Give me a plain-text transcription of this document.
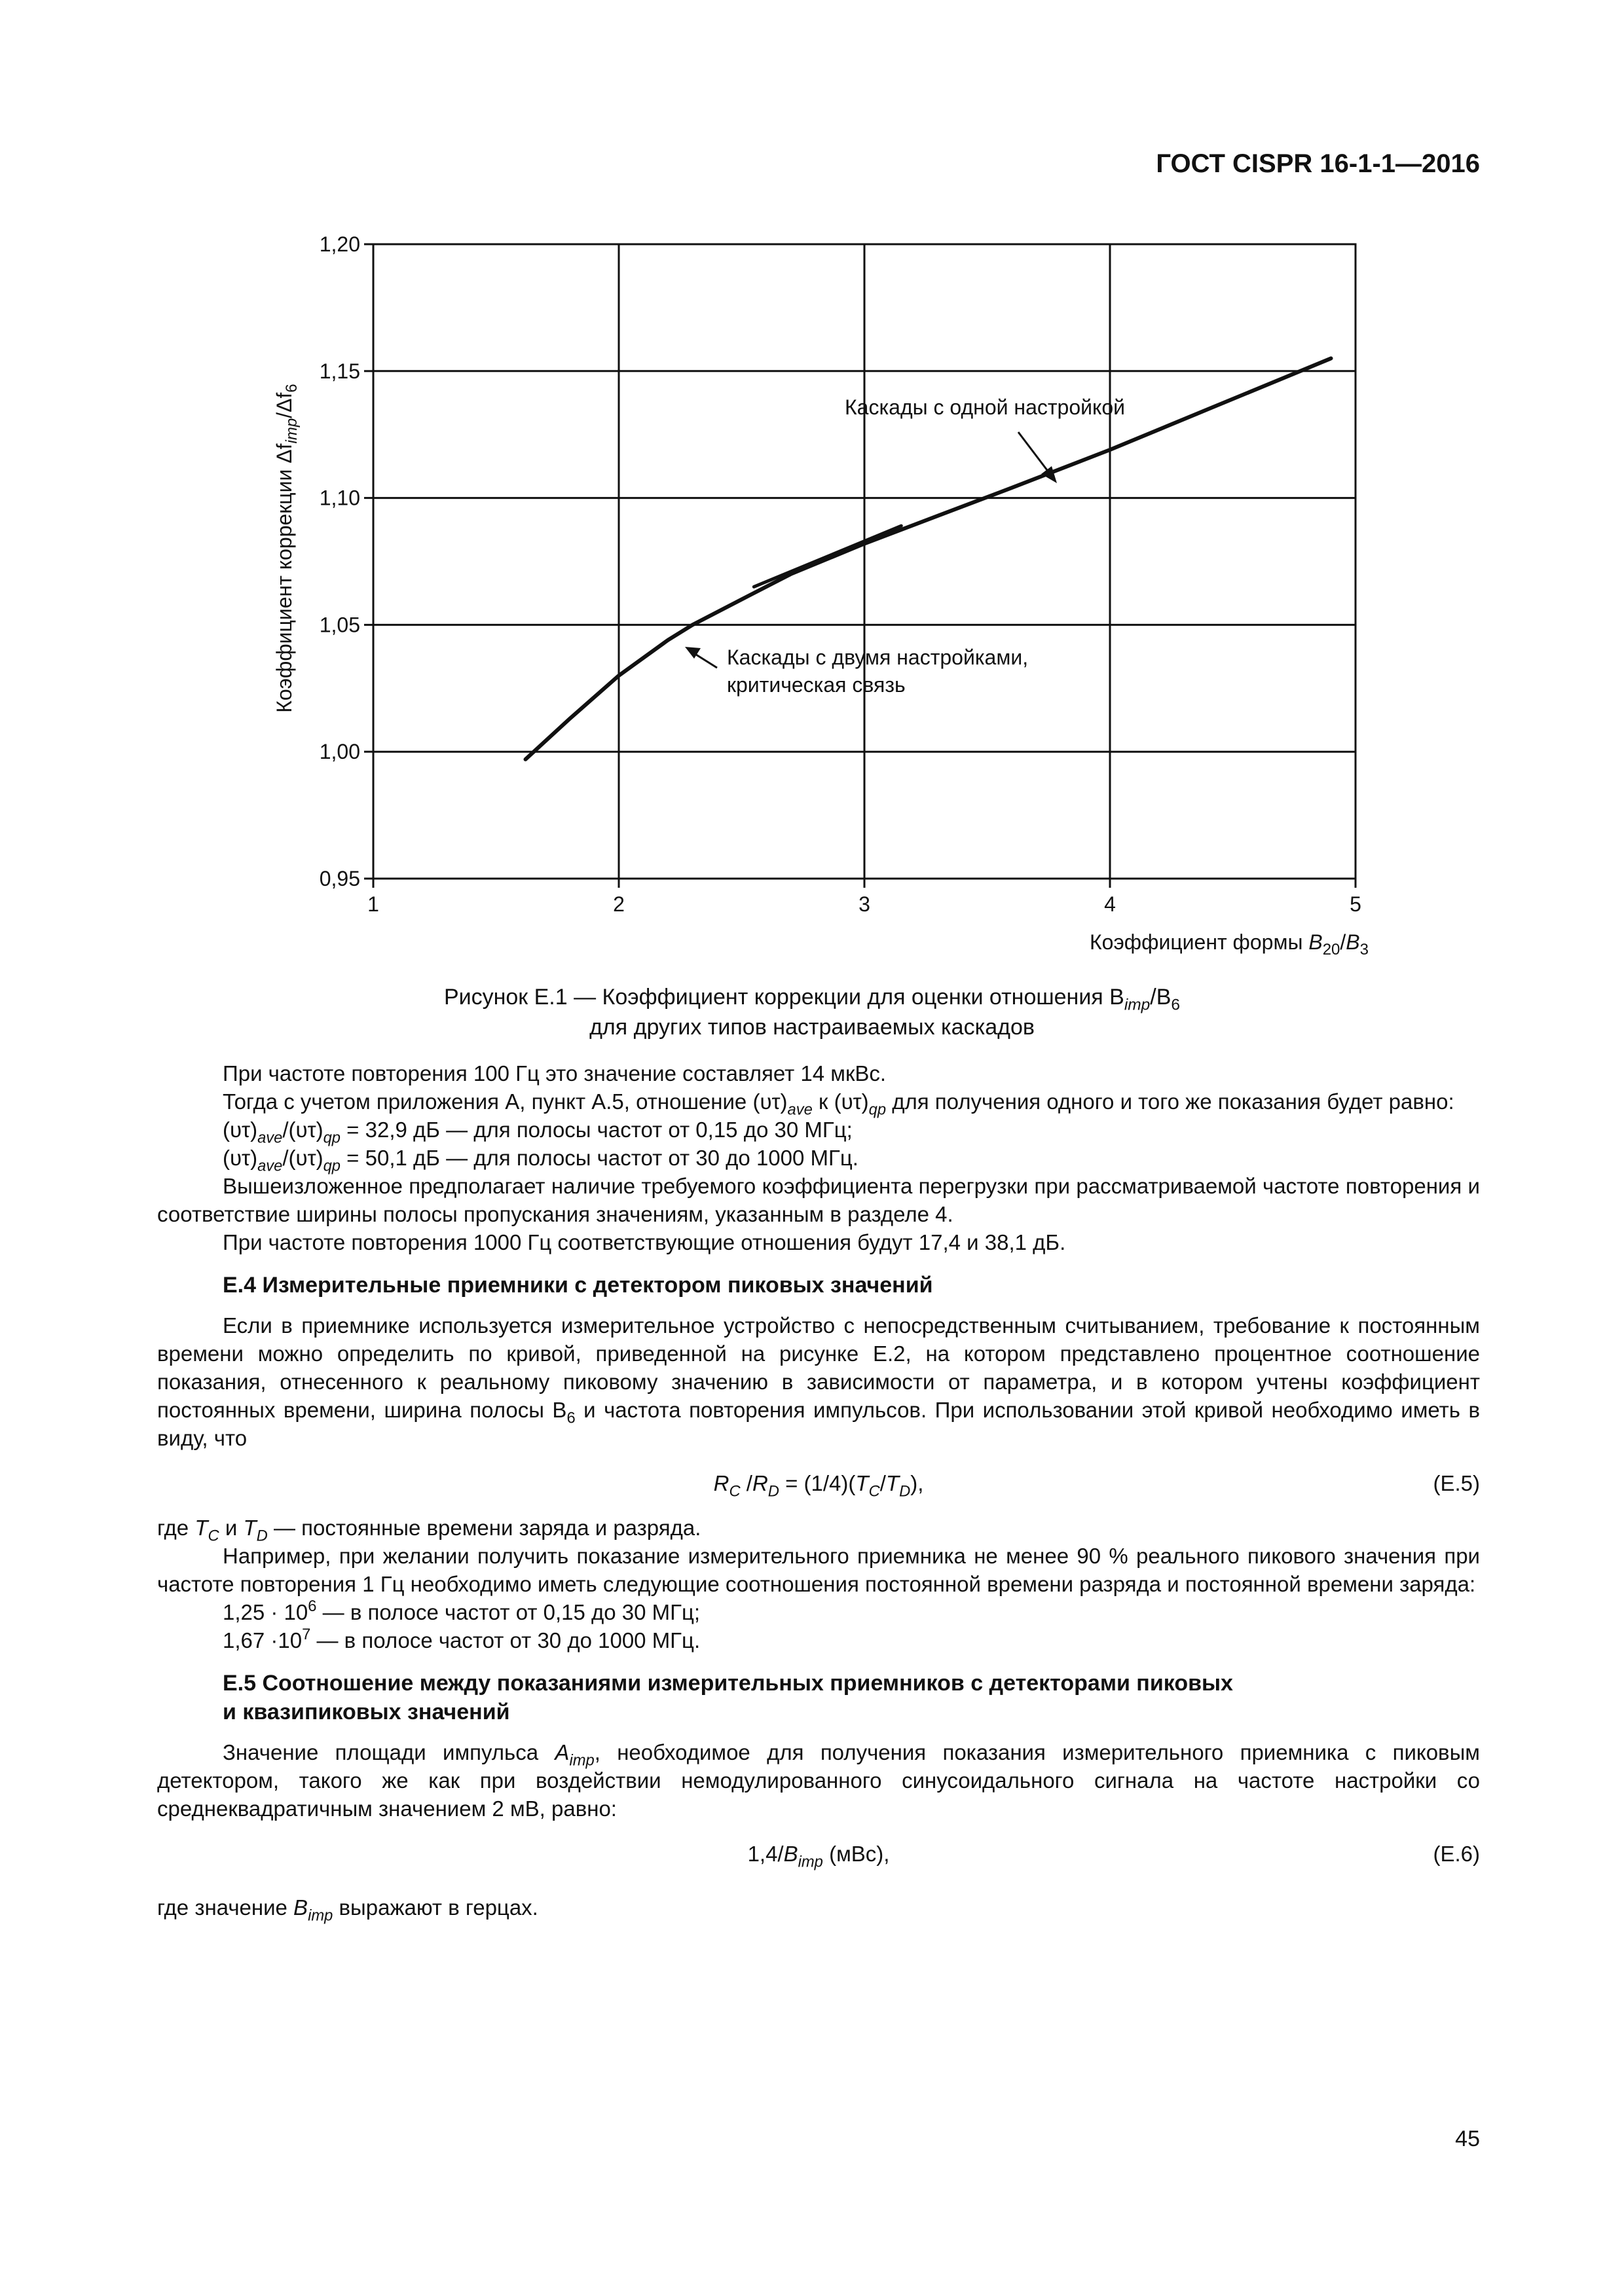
ГОСТ CISPR 16-1-1—2016
0,95
1,00
1,05
1,10
1,15
1,20
1	2	3	4	5
Коэффициент коррекции $\Delta f_{imp}/\Delta f_6$
Коэффициент формы $B_{20}/B_3$
Каскады с одной настройкой
Каскады с двумя настройками,
критическая связь
Рисунок Е.1 — Коэффициент коррекции для оценки отношения $B_{imp}/B_6$
для других типов настраиваемых каскадов

При частоте повторения 100 Гц это значение составляет 14 мкВс.

Тогда с учетом приложения А, пункт А.5, отношение $(\upsilon\tau)_{ave}$ к $(\upsilon\tau)_{qp}$ для получения одного и того же показания будет равно:

$(\upsilon\tau)_{ave}/(\upsilon\tau)_{qp} = 32,9$ дБ — для полосы частот от 0,15 до 30 МГц;

$(\upsilon\tau)_{ave}/(\upsilon\tau)_{qp} = 50,1$ дБ — для полосы частот от 30 до 1000 МГц.

Вышеизложенное предполагает наличие требуемого коэффициента перегрузки при рассматриваемой частоте повторения и соответствие ширины полосы пропускания значениям, указанным в разделе 4.

При частоте повторения 1000 Гц соответствующие отношения будут 17,4 и 38,1 дБ.

Е.4 Измерительные приемники с детектором пиковых значений

Если в приемнике используется измерительное устройство с непосредственным считыванием, требование к постоянным времени можно определить по кривой, приведенной на рисунке Е.2, на котором представлено процентное соотношение показания, отнесенного к реальному пиковому значению в зависимости от параметра, и в котором учтены коэффициент постоянных времени, ширина полосы $B_6$ и частота повторения импульсов. При использовании этой кривой необходимо иметь в виду, что

$R_C$ $/R_D = (1/4)(T_C/T_D)$,	(Е.5)

где $T_C$ и $T_D$ — постоянные времени заряда и разряда.

Например, при желании получить показание измерительного приемника не менее 90 % реального пикового значения при частоте повторения 1 Гц необходимо иметь следующие соотношения постоянной времени разряда и постоянной времени заряда:

$1,25 \cdot 10^6$ — в полосе частот от 0,15 до 30 МГц;

$1,67 \cdot 10^7$ — в полосе частот от 30 до 1000 МГц.

Е.5 Соотношение между показаниями измерительных приемников с детекторами пиковых
и квазипиковых значений

Значение площади импульса $A_{imp}$, необходимое для получения показания измерительного приемника с пиковым детектором, такого же как при воздействии немодулированного синусоидального сигнала на частоте настройки со среднеквадратичным значением 2 мВ, равно:

$1,4/B_{imp}$ (мВс),	(Е.6)

где значение $B_{imp}$ выражают в герцах.

45
